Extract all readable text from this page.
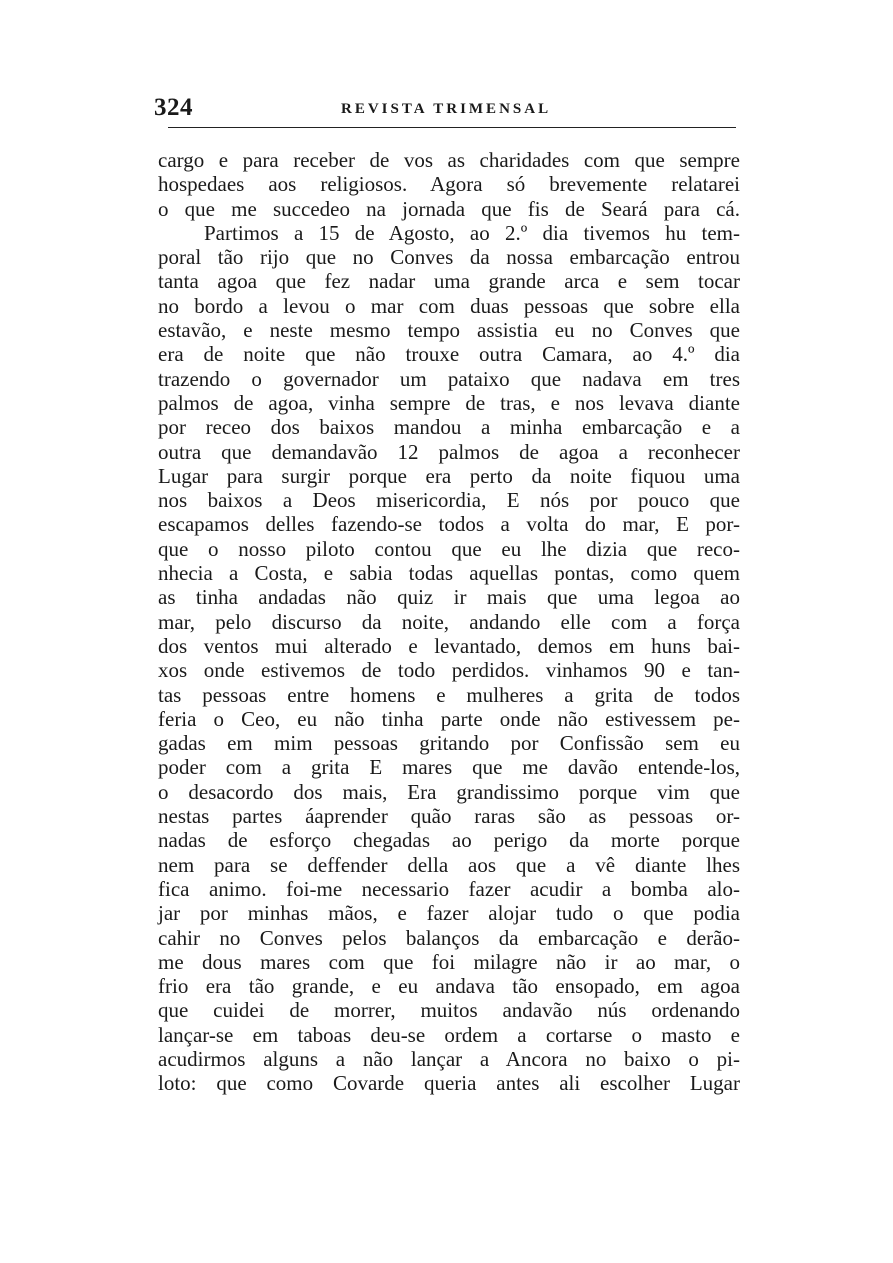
324	REVISTA TRIMENSAL
cargo e para receber de vos as charidades com que sempre
hospedaes aos religiosos. Agora só brevemente relatarei
o que me succedeo na jornada que fis de Seará para cá.
Partimos a 15 de Agosto, ao 2.º dia tivemos hu tem-
poral tão rijo que no Conves da nossa embarcação entrou
tanta agoa que fez nadar uma grande arca e sem tocar
no bordo a levou o mar com duas pessoas que sobre ella
estavão, e neste mesmo tempo assistia eu no Conves que
era de noite que não trouxe outra Camara, ao 4.º dia
trazendo o governador um pataixo que nadava em tres
palmos de agoa, vinha sempre de tras, e nos levava diante
por receo dos baixos mandou a minha embarcação e a
outra que demandavão 12 palmos de agoa a reconhecer
Lugar para surgir porque era perto da noite fiquou uma
nos baixos a Deos misericordia, E nós por pouco que
escapamos delles fazendo-se todos a volta do mar, E por-
que o nosso piloto contou que eu lhe dizia que reco-
nhecia a Costa, e sabia todas aquellas pontas, como quem
as tinha andadas não quiz ir mais que uma legoa ao
mar, pelo discurso da noite, andando elle com a força
dos ventos mui alterado e levantado, demos em huns bai-
xos onde estivemos de todo perdidos. vinhamos 90 e tan-
tas pessoas entre homens e mulheres a grita de todos
feria o Ceo, eu não tinha parte onde não estivessem pe-
gadas em mim pessoas gritando por Confissão sem eu
poder com a grita E mares que me davão entende-los,
o desacordo dos mais, Era grandissimo porque vim que
nestas partes áaprender quão raras são as pessoas or-
nadas de esforço chegadas ao perigo da morte porque
nem para se deffender della aos que a vê diante lhes
fica animo. foi-me necessario fazer acudir a bomba alo-
jar por minhas mãos, e fazer alojar tudo o que podia
cahir no Conves pelos balanços da embarcação e derão-
me dous mares com que foi milagre não ir ao mar, o
frio era tão grande, e eu andava tão ensopado, em agoa
que cuidei de morrer, muitos andavão nús ordenando
lançar-se em taboas deu-se ordem a cortarse o masto e
acudirmos alguns a não lançar a Ancora no baixo o pi-
loto: que como Covarde queria antes ali escolher Lugar
